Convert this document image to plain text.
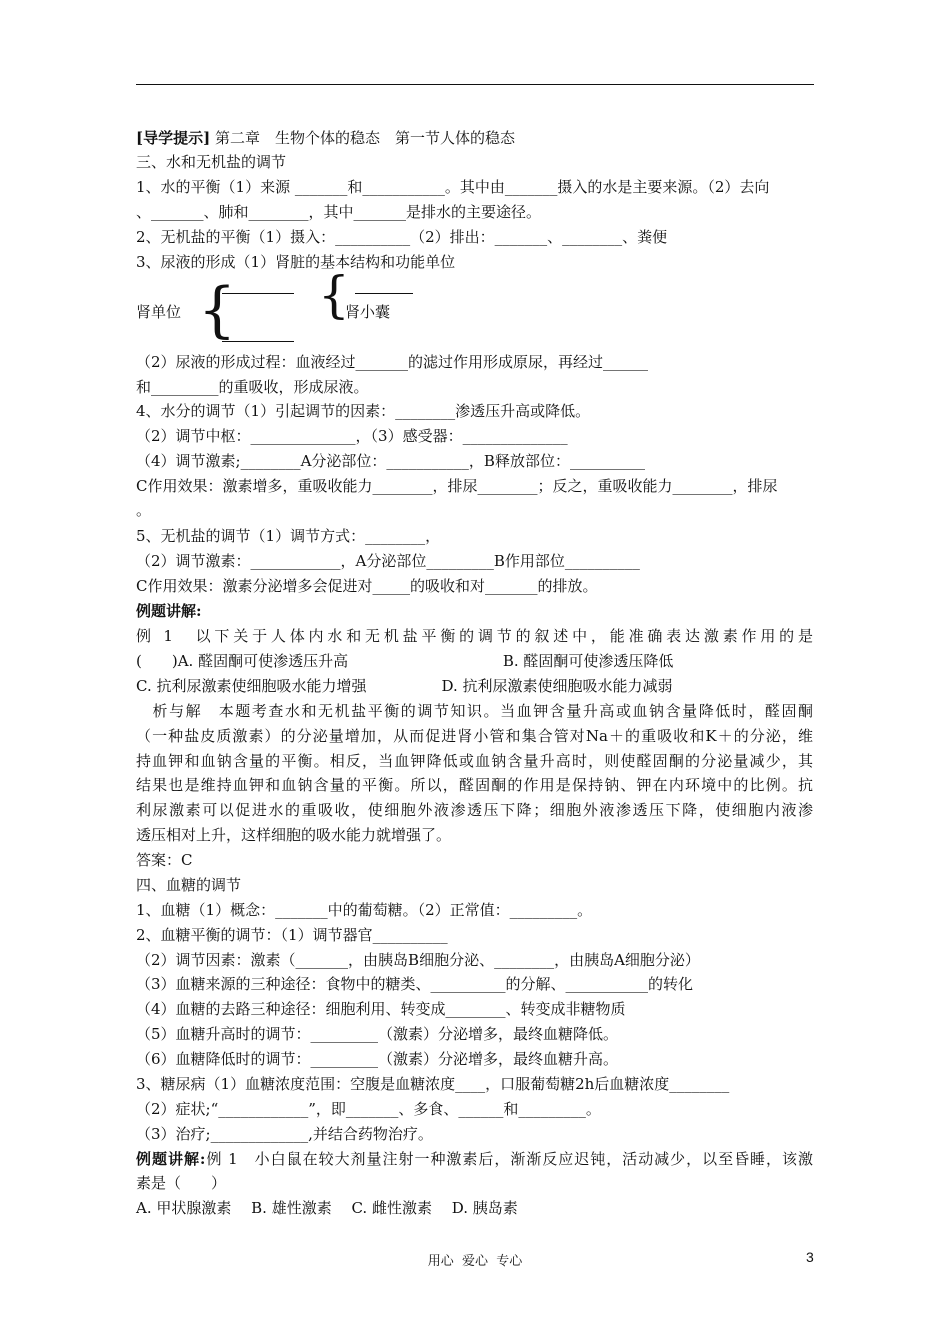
[导学提示] 第二章　生物个体的稳态　第一节人体的稳态
三、水和无机盐的调节
1、水的平衡（1）来源 _______和___________。其中由_______摄入的水是主要来源。（2）去向
、_______、肺和________，其中_______是排水的主要途径。
2、无机盐的平衡（1）摄入：__________（2）排出：_______、________、粪便
3、尿液的形成（1）肾脏的基本结构和功能单位
肾单位 { {
肾小囊
（2）尿液的形成过程：血液经过_______的滤过作用形成原尿，再经过______
和_________的重吸收，形成尿液。
4、水分的调节（1）引起调节的因素：________渗透压升高或降低。
（2）调节中枢：______________，（3）感受器：______________
（4）调节激素;________A分泌部位：___________，B释放部位：__________
C作用效果：激素增多，重吸收能力________，排尿________；反之，重吸收能力________，排尿
。
5、无机盐的调节（1）调节方式：________，
（2）调节激素：____________，A分泌部位_________B作用部位__________
C作用效果：激素分泌增多会促进对_____的吸收和对_______的排放。
例题讲解:
例 1　以下关于人体内水和无机盐平衡的调节的叙述中，能准确表达激素作用的是
(　　)A. 醛固酮可使渗透压升高　　　　　　　　　　 B. 醛固酮可使渗透压降低
C. 抗利尿激素使细胞吸水能力增强　　　　　D. 抗利尿激素使细胞吸水能力减弱
　析与解　本题考查水和无机盐平衡的调节知识。当血钾含量升高或血钠含量降低时，醛固酮
（一种盐皮质激素）的分泌量增加，从而促进肾小管和集合管对Na＋的重吸收和K＋的分泌，维
持血钾和血钠含量的平衡。相反，当血钾降低或血钠含量升高时，则使醛固酮的分泌量减少，其
结果也是维持血钾和血钠含量的平衡。所以，醛固酮的作用是保持钠、钾在内环境中的比例。抗
利尿激素可以促进水的重吸收，使细胞外液渗透压下降；细胞外液渗透压下降，使细胞内液渗
透压相对上升，这样细胞的吸水能力就增强了。
答案：C
四、血糖的调节
1、血糖（1）概念：_______中的葡萄糖。（2）正常值：_________。
2、血糖平衡的调节：（1）调节器官__________
（2）调节因素：激素（_______，由胰岛B细胞分泌、________，由胰岛A细胞分泌）
（3）血糖来源的三种途径：食物中的糖类、__________的分解、___________的转化
（4）血糖的去路三种途径：细胞利用、转变成________、转变成非糖物质
（5）血糖升高时的调节：_________（激素）分泌增多，最终血糖降低。
（6）血糖降低时的调节：_________（激素）分泌增多，最终血糖升高。
3、糖尿病（1）血糖浓度范围：空腹是血糖浓度____，口服葡萄糖2h后血糖浓度________
（2）症状;“____________”，即_______、多食、______和_________。
（3）治疗;_____________,并结合药物治疗。
例题讲解:例 1　小白鼠在较大剂量注射一种激素后，渐渐反应迟钝，活动减少，以至昏睡，该激
素是（　　）
A. 甲状腺激素　 B. 雄性激素　 C. 雌性激素　 D. 胰岛素
用心  爱心  专心	3
